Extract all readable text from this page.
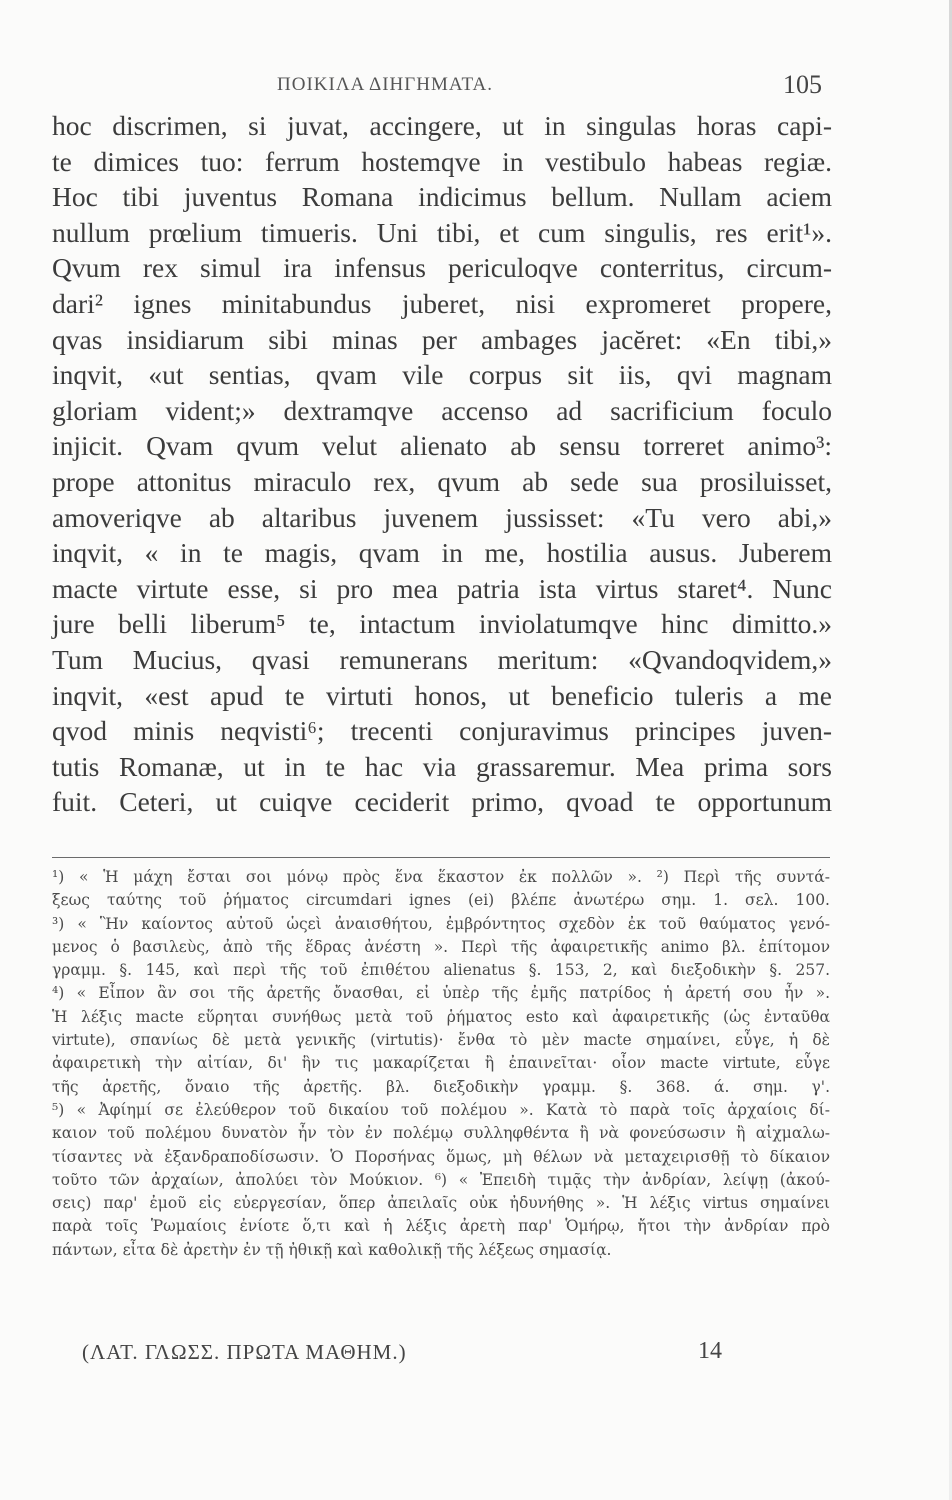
ΠΟΙΚΙΛΑ ΔΙΗΓΗΜΑΤΑ.	105
hoc discrimen, si juvat, accingere, ut in singulas horas capi-
te dimices tuo: ferrum hostemqve in vestibulo habeas regiæ.
Hoc tibi juventus Romana indicimus bellum. Nullam aciem
nullum prœlium timueris. Uni tibi, et cum singulis, res erit¹».
Qvum rex simul ira infensus periculoqve conterritus, circum-
dari² ignes minitabundus juberet, nisi expromeret propere,
qvas insidiarum sibi minas per ambages jacĕret: «En tibi,»
inqvit, «ut sentias, qvam vile corpus sit iis, qvi magnam
gloriam vident;» dextramqve accenso ad sacrificium foculo
injicit. Qvam qvum velut alienato ab sensu torreret animo³:
prope attonitus miraculo rex, qvum ab sede sua prosiluisset,
amoveriqve ab altaribus juvenem jussisset: «Tu vero abi,»
inqvit, « in te magis, qvam in me, hostilia ausus. Juberem
macte virtute esse, si pro mea patria ista virtus staret⁴. Nunc
jure belli liberum⁵ te, intactum inviolatumqve hinc dimitto.»
Tum Mucius, qvasi remunerans meritum: «Qvandoqvidem,»
inqvit, «est apud te virtuti honos, ut beneficio tuleris a me
qvod minis neqvisti⁶; trecenti conjuravimus principes juven-
tutis Romanæ, ut in te hac via grassaremur. Mea prima sors
fuit. Ceteri, ut cuiqve ceciderit primo, qvoad te opportunum
¹) « Ἡ μάχη ἔσται σοι μόνῳ πρὸς ἕνα ἕκαστον ἐκ πολλῶν ». ²) Περὶ τῆς συντά-
ξεως ταύτης τοῦ ῥήματος circumdari ignes (ei) βλέπε ἀνωτέρω σημ. 1. σελ. 100.
³) « Ἣν καίοντος αὐτοῦ ὡςεὶ ἀναισθήτου, ἐμβρόντητος σχεδὸν ἐκ τοῦ θαύματος γενό-
μενος ὁ βασιλεὺς, ἀπὸ τῆς ἕδρας ἀνέστη ». Περὶ τῆς ἀφαιρετικῆς animo βλ. ἐπίτομον
γραμμ. §. 145, καὶ περὶ τῆς τοῦ ἐπιθέτου alienatus §. 153, 2, καὶ διεξοδικὴν §. 257.
⁴) « Εἶπον ἂν σοι τῆς ἀρετῆς ὄνασθαι, εἰ ὑπὲρ τῆς ἐμῆς πατρίδος ἡ ἀρετή σου ἦν ».
Ἡ λέξις macte εὕρηται συνήθως μετὰ τοῦ ῥήματος esto καὶ ἀφαιρετικῆς (ὡς ἐνταῦθα
virtute), σπανίως δὲ μετὰ γενικῆς (virtutis)· ἔνθα τὸ μὲν macte σημαίνει, εὖγε, ἡ δὲ
ἀφαιρετικὴ τὴν αἰτίαν, δι' ἣν τις μακαρίζεται ἢ ἐπαινεῖται· οἷον macte virtute, εὖγε
τῆς ἀρετῆς, ὄναιο τῆς ἀρετῆς. βλ. διεξοδικὴν γραμμ. §. 368. ά. σημ. γ'.
⁵) « Ἀφίημί σε ἐλεύθερον τοῦ δικαίου τοῦ πολέμου ». Κατὰ τὸ παρὰ τοῖς ἀρχαίοις δί-
καιον τοῦ πολέμου δυνατὸν ἦν τὸν ἐν πολέμῳ συλληφθέντα ἢ νὰ φονεύσωσιν ἢ αἰχμαλω-
τίσαντες νὰ ἐξανδραποδίσωσιν. Ὁ Πορσήνας ὅμως, μὴ θέλων νὰ μεταχειρισθῇ τὸ δίκαιον
τοῦτο τῶν ἀρχαίων, ἀπολύει τὸν Μούκιον. ⁶) « Ἐπειδὴ τιμᾷς τὴν ἀνδρίαν, λείψῃ (ἀκού-
σεις) παρ' ἐμοῦ εἰς εὐεργεσίαν, ὅπερ ἀπειλαῖς οὐκ ἠδυνήθης ». Ἡ λέξις virtus σημαίνει
παρὰ τοῖς Ῥωμαίοις ἐνίοτε ὅ,τι καὶ ἡ λέξις ἀρετὴ παρ' Ὁμήρῳ, ἤτοι τὴν ἀνδρίαν πρὸ
πάντων, εἶτα δὲ ἀρετὴν ἐν τῇ ἠθικῇ καὶ καθολικῇ τῆς λέξεως σημασίᾳ.
(ΛΑΤ. ΓΛΩΣΣ. ΠΡΩΤΑ ΜΑΘΗΜ.)	14
